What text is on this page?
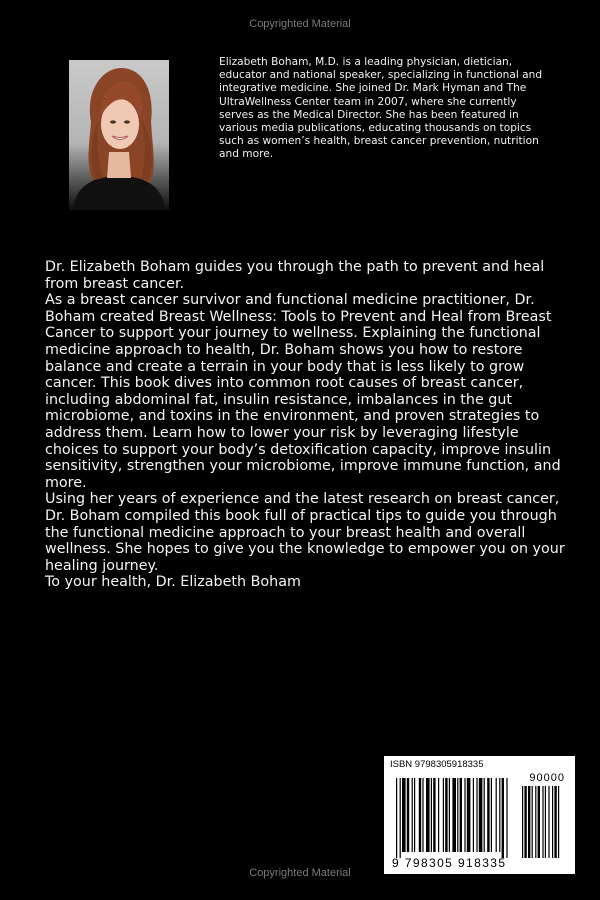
Copyrighted Material
Elizabeth Boham, M.D. is a leading physician, dietician, educator and national speaker, specializing in functional and integrative medicine. She joined Dr. Mark Hyman and The UltraWellness Center team in 2007, where she currently serves as the Medical Director. She has been featured in various media publications, educating thousands on topics such as women’s health, breast cancer prevention, nutrition and more.

Dr. Elizabeth Boham guides you through the path to prevent and heal from breast cancer.

As a breast cancer survivor and functional medicine practitioner, Dr. Boham created Breast Wellness: Tools to Prevent and Heal from Breast Cancer to support your journey to wellness. Explaining the functional medicine approach to health, Dr. Boham shows you how to restore balance and create a terrain in your body that is less likely to grow cancer. This book dives into common root causes of breast cancer, including abdominal fat, insulin resistance, imbalances in the gut microbiome, and toxins in the environment, and proven strategies to address them. Learn how to lower your risk by leveraging lifestyle choices to support your body’s detoxification capacity, improve insulin sensitivity, strengthen your microbiome, improve immune function, and more.

Using her years of experience and the latest research on breast cancer, Dr. Boham compiled this book full of practical tips to guide you through the functional medicine approach to your breast health and overall wellness. She hopes to give you the knowledge to empower you on your healing journey.

To your health, Dr. Elizabeth Boham

ISBN 9798305918335
90000
9 798305 918335
Copyrighted Material
